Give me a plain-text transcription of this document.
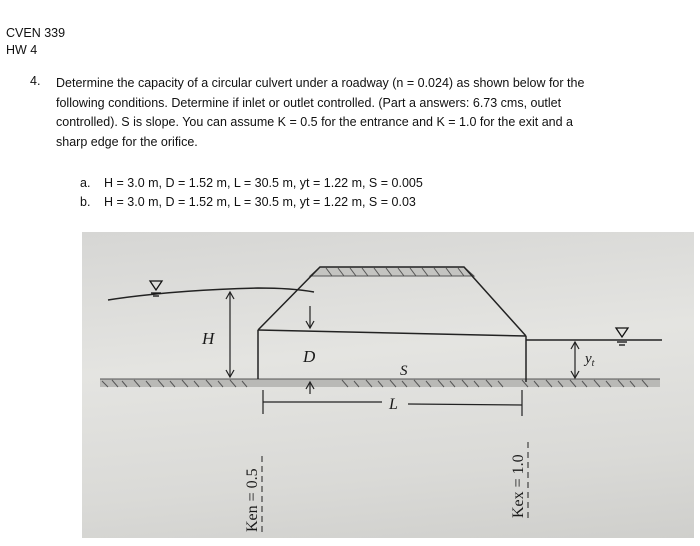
CVEN 339
HW 4
4. Determine the capacity of a circular culvert under a roadway (n = 0.024) as shown below for the
following conditions. Determine if inlet or outlet controlled. (Part a answers: 6.73 cms, outlet
controlled). S is slope. You can assume K = 0.5 for the entrance and K = 1.0 for the exit and a
sharp edge for the orifice.
a. H = 3.0 m, D = 1.52 m, L = 30.5 m, yt = 1.22 m, S = 0.005
b. H = 3.0 m, D = 1.52 m, L = 30.5 m, yt = 1.22 m, S = 0.03
H
D
S
L
$y_t$
Ken = 0.5	Kex = 1.0
